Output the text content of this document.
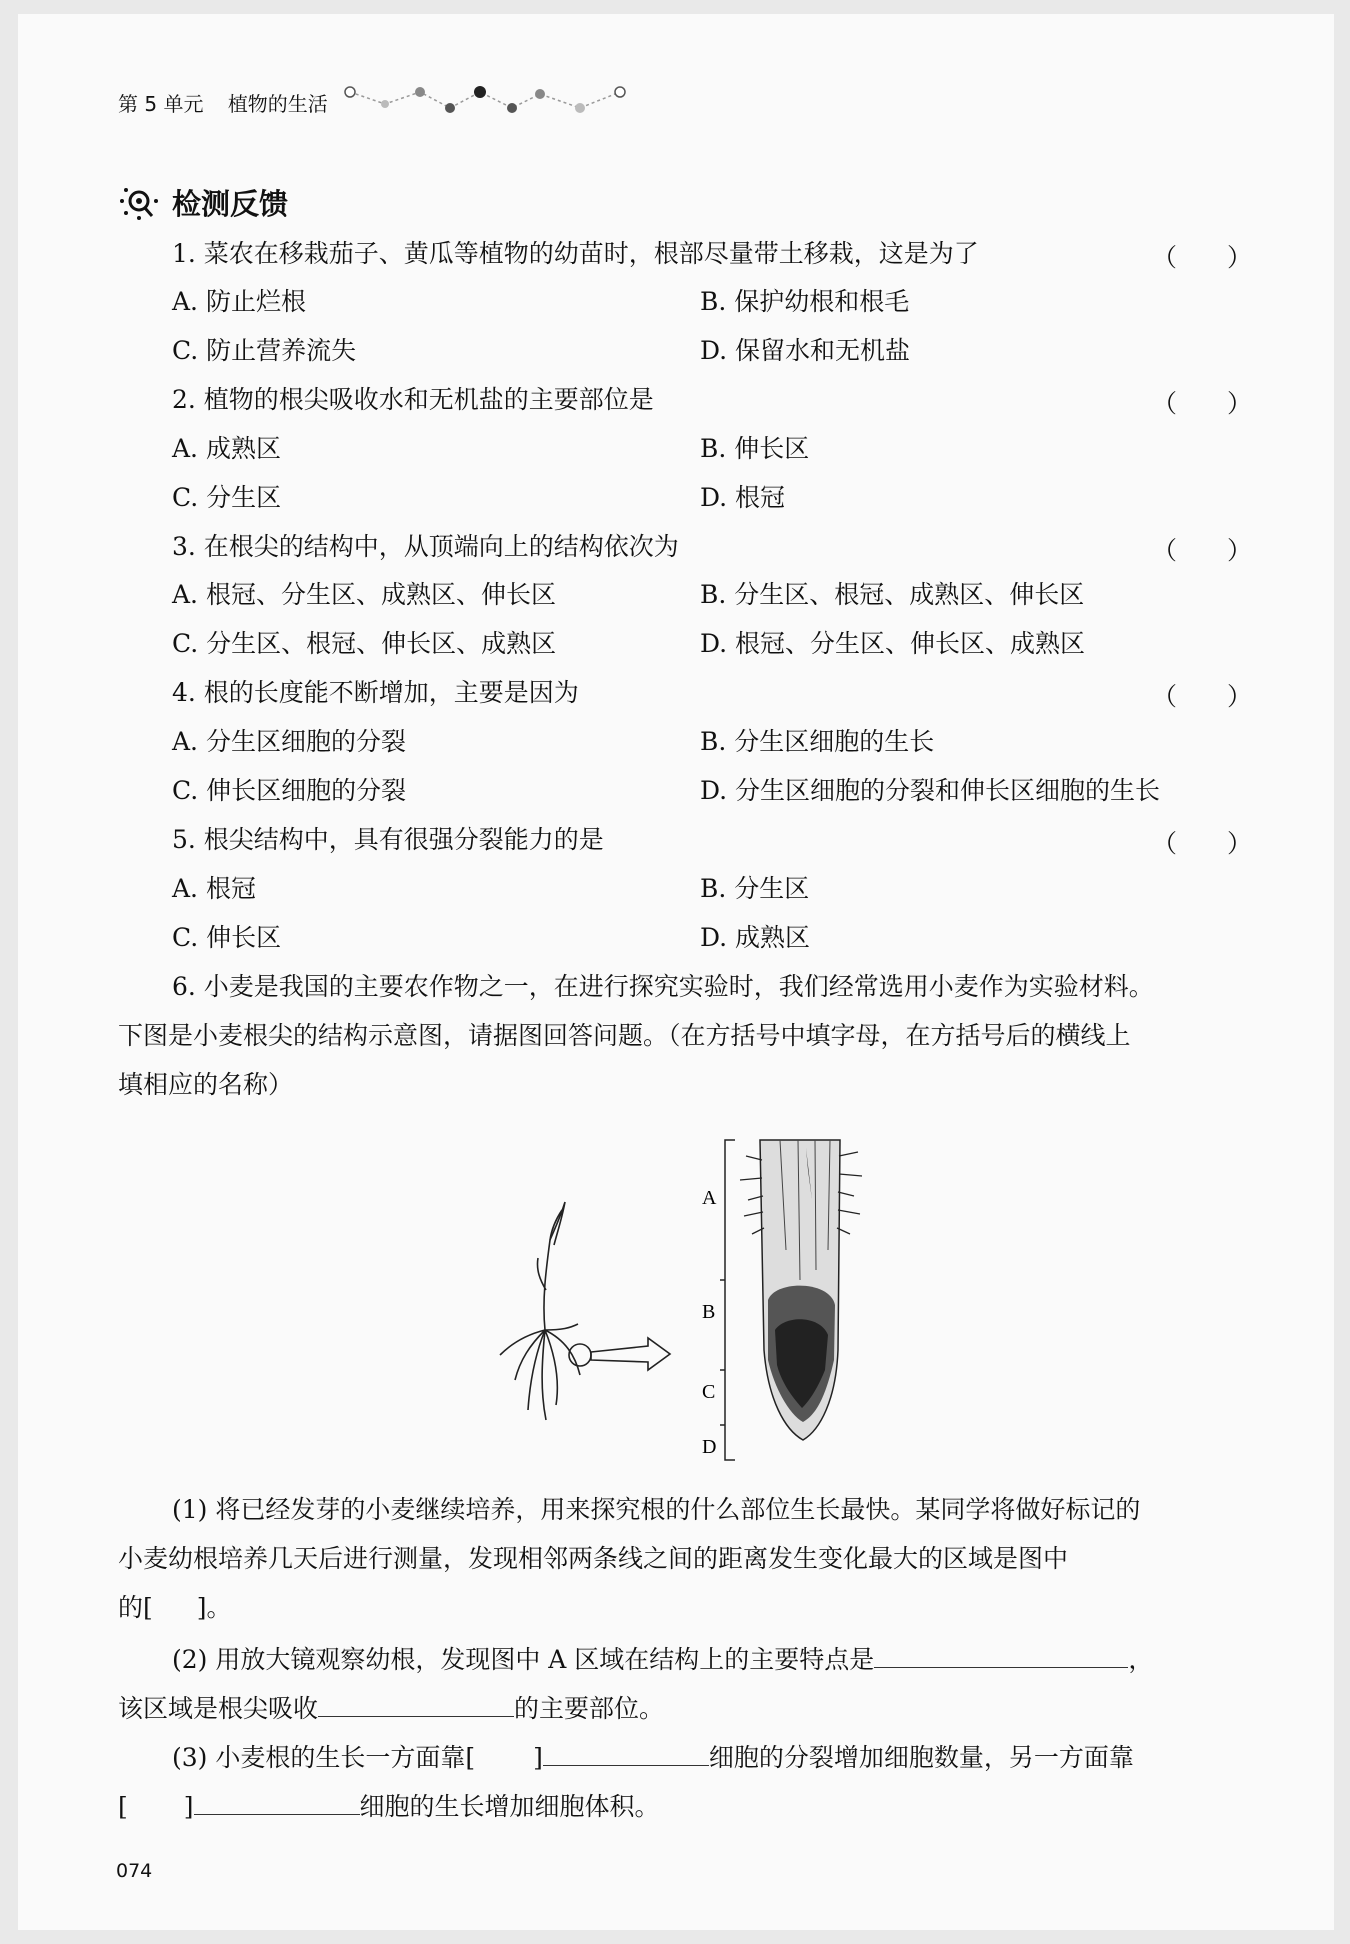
第 5 单元 植物的生活
检测反馈
1. 菜农在移栽茄子、黄瓜等植物的幼苗时，根部尽量带土移栽，这是为了	（　　）
A. 防止烂根	B. 保护幼根和根毛
C. 防止营养流失	D. 保留水和无机盐
2. 植物的根尖吸收水和无机盐的主要部位是	（　　）
A. 成熟区	B. 伸长区
C. 分生区	D. 根冠
3. 在根尖的结构中，从顶端向上的结构依次为	（　　）
A. 根冠、分生区、成熟区、伸长区	B. 分生区、根冠、成熟区、伸长区
C. 分生区、根冠、伸长区、成熟区	D. 根冠、分生区、伸长区、成熟区
4. 根的长度能不断增加，主要是因为	（　　）
A. 分生区细胞的分裂	B. 分生区细胞的生长
C. 伸长区细胞的分裂	D. 分生区细胞的分裂和伸长区细胞的生长
5. 根尖结构中，具有很强分裂能力的是	（　　）
A. 根冠	B. 分生区
C. 伸长区	D. 成熟区
6. 小麦是我国的主要农作物之一，在进行探究实验时，我们经常选用小麦作为实验材料。
下图是小麦根尖的结构示意图，请据图回答问题。（在方括号中填字母，在方括号后的横线上
填相应的名称）
A
B
C
D
(1) 将已经发芽的小麦继续培养，用来探究根的什么部位生长最快。某同学将做好标记的
小麦幼根培养几天后进行测量，发现相邻两条线之间的距离发生变化最大的区域是图中
的[ ]。
(2) 用放大镜观察幼根，发现图中 A 区域在结构上的主要特点是	，
该区域是根尖吸收	的主要部位。
(3) 小麦根的生长一方面靠[ ]	细胞的分裂增加细胞数量，另一方面靠
[ ]	细胞的生长增加细胞体积。
074
